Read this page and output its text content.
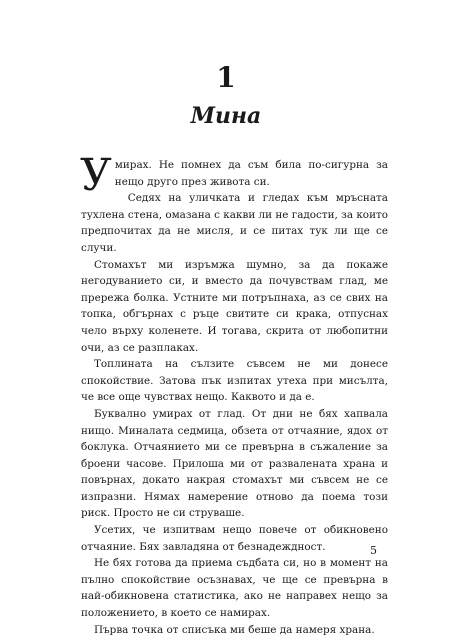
1
Мина

Умирах. Не помнех да съм била по-сигурна за нещо друго през живота си.

Седях на уличката и гледах към мръсната тухлена стена, омазана с какви ли не гадости, за които предпочитах да не мисля, и се питах тук ли ще се случи.

Стомахът ми изръмжа шумно, за да покаже негодуванието си, и вместо да почувствам глад, ме прережа болка. Устните ми потръпнаха, аз се свих на топка, обгърнах с ръце свитите си крака, отпуснах чело върху коленете. И тогава, скрита от любопитни очи, аз се разплаках.

Топлината на сълзите съвсем не ми донесе спокойствие. Затова пък изпитах утеха при мисълта, че все още чувствах нещо. Каквото и да е.

Буквално умирах от глад. От дни не бях хапвала нищо. Миналата седмица, обзета от отчаяние, ядох от боклука. Отчаянието ми се превърна в съжаление за броени часове. Прилоша ми от развалената храна и повърнах, докато накрая стомахът ми съвсем не се изпразни. Нямах намерение отново да поема този риск. Просто не си струваше.

Усетих, че изпитвам нещо повече от обикновено отчаяние. Бях завладяна от безнадеждност.

Не бях готова да приема съдбата си, но в момент на пълно спокойствие осъзнавах, че ще се превърна в най-обикновена статистика, ако не направех нещо за положението, в което се намирах.

Първа точка от списъка ми беше да намеря храна.

5
